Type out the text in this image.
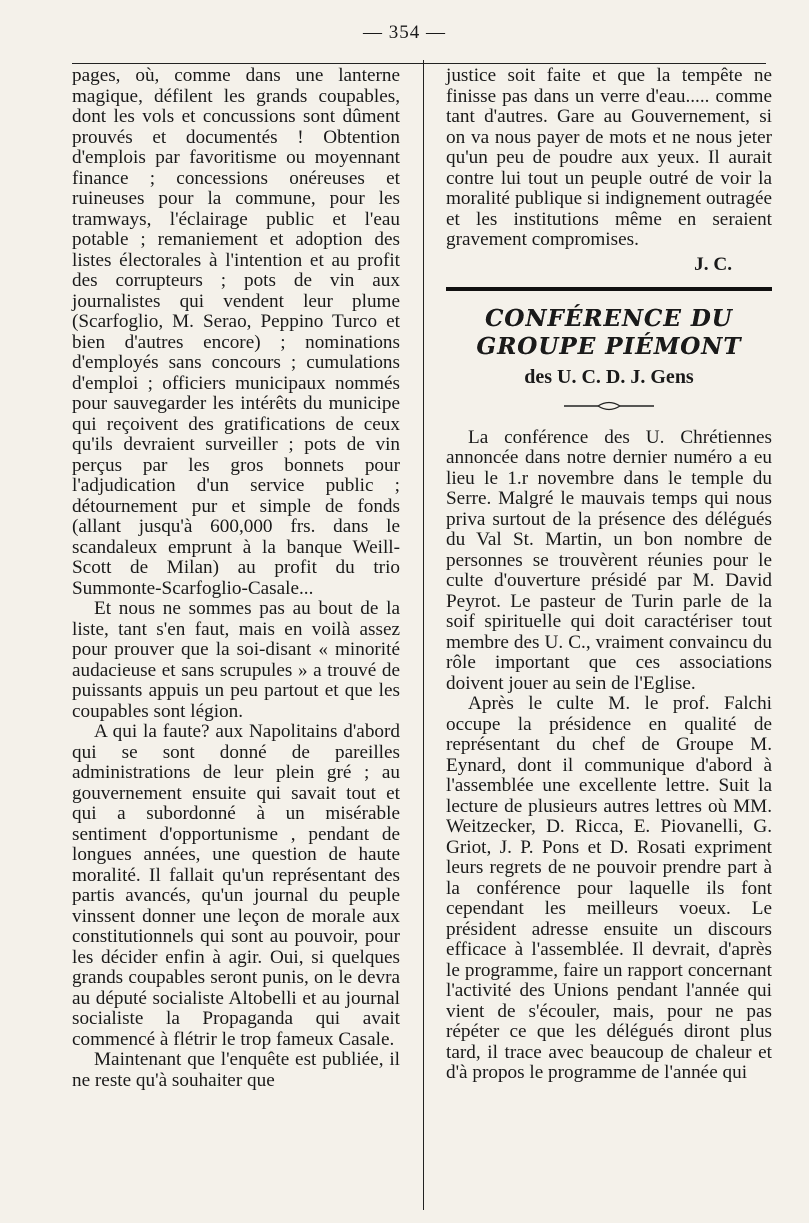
— 354 —

pages, où, comme dans une lanterne magique, défilent les grands coupables, dont les vols et concussions sont dûment prouvés et documentés ! Obtention d'emplois par favoritisme ou moyennant finance ; concessions onéreuses et ruineuses pour la commune, pour les tramways, l'éclairage public et l'eau potable ; remaniement et adoption des listes électorales à l'intention et au profit des corrupteurs ; pots de vin aux journalistes qui vendent leur plume (Scarfoglio, M. Serao, Peppino Turco et bien d'autres encore) ; nominations d'employés sans concours ; cumulations d'emploi ; officiers municipaux nommés pour sauvegarder les intérêts du municipe qui reçoivent des gratifications de ceux qu'ils devraient surveiller ; pots de vin perçus par les gros bonnets pour l'adjudication d'un service public ; détournement pur et simple de fonds (allant jusqu'à 600,000 frs. dans le scandaleux emprunt à la banque Weill-Scott de Milan) au profit du trio Summonte-Scarfoglio-Casale...

Et nous ne sommes pas au bout de la liste, tant s'en faut, mais en voilà assez pour prouver que la soi-disant « minorité audacieuse et sans scrupules » a trouvé de puissants appuis un peu partout et que les coupables sont légion.

A qui la faute? aux Napolitains d'abord qui se sont donné de pareilles administrations de leur plein gré ; au gouvernement ensuite qui savait tout et qui a subordonné à un misérable sentiment d'opportunisme , pendant de longues années, une question de haute moralité. Il fallait qu'un représentant des partis avancés, qu'un journal du peuple vinssent donner une leçon de morale aux constitutionnels qui sont au pouvoir, pour les décider enfin à agir. Oui, si quelques grands coupables seront punis, on le devra au député socialiste Altobelli et au journal socialiste la Propaganda qui avait commencé à flétrir le trop fameux Casale.

Maintenant que l'enquête est publiée, il ne reste qu'à souhaiter que

justice soit faite et que la tempête ne finisse pas dans un verre d'eau..... comme tant d'autres. Gare au Gouvernement, si on va nous payer de mots et ne nous jeter qu'un peu de poudre aux yeux. Il aurait contre lui tout un peuple outré de voir la moralité publique si indignement outragée et les institutions même en seraient gravement compromises.

J. C.
CONFÉRENCE DU GROUPE PIÉMONT
des U. C. D. J. Gens

La conférence des U. Chrétiennes annoncée dans notre dernier numéro a eu lieu le 1.r novembre dans le temple du Serre. Malgré le mauvais temps qui nous priva surtout de la présence des délégués du Val St. Martin, un bon nombre de personnes se trouvèrent réunies pour le culte d'ouverture présidé par M. David Peyrot. Le pasteur de Turin parle de la soif spirituelle qui doit caractériser tout membre des U. C., vraiment convaincu du rôle important que ces associations doivent jouer au sein de l'Eglise.

Après le culte M. le prof. Falchi occupe la présidence en qualité de représentant du chef de Groupe M. Eynard, dont il communique d'abord à l'assemblée une excellente lettre. Suit la lecture de plusieurs autres lettres où MM. Weitzecker, D. Ricca, E. Piovanelli, G. Griot, J. P. Pons et D. Rosati expriment leurs regrets de ne pouvoir prendre part à la conférence pour laquelle ils font cependant les meilleurs voeux. Le président adresse ensuite un discours efficace à l'assemblée. Il devrait, d'après le programme, faire un rapport concernant l'activité des Unions pendant l'année qui vient de s'écouler, mais, pour ne pas répéter ce que les délégués diront plus tard, il trace avec beaucoup de chaleur et d'à propos le programme de l'année qui
